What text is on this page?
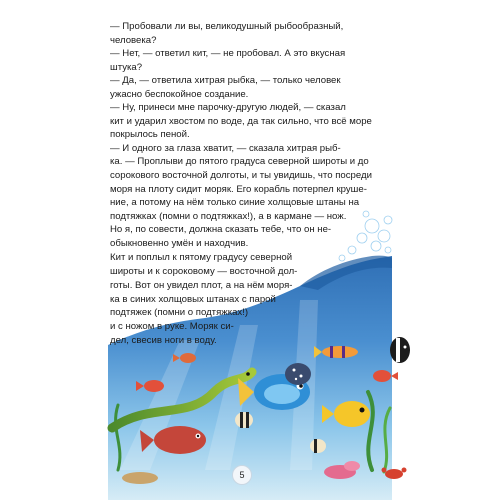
— Пробовали ли вы, великодушный рыбообразный,
человека?
— Нет, — ответил кит, — не пробовал. А это вкусная
штука?
— Да, — ответила хитрая рыбка, — только человек
ужасно беспокойное создание.
— Ну, принеси мне парочку-другую людей, — сказал
кит и ударил хвостом по воде, да так сильно, что всё море
покрылось пеной.
— И одного за глаза хватит, — сказала хитрая рыб-
ка. — Проплыви до пятого градуса северной широты и до
сорокового восточной долготы, и ты увидишь, что посреди
моря на плоту сидит моряк. Его корабль потерпел круше-
ние, а потому на нём только синие холщовые штаны на
подтяжках (помни о подтяжках!), а в кармане — нож.
Но я, по совести, должна сказать тебе, что он не-
обыкновенно умён и находчив.
Кит и поплыл к пятому градусу северной
широты и к сороковому — восточной дол-
готы. Вот он увидел плот, а на нём моря-
ка в синих холщовых штанах с парой
подтяжек (помни о подтяжках!)
и с ножом в руке. Моряк си-
дел, свесив ноги в воду.
5
